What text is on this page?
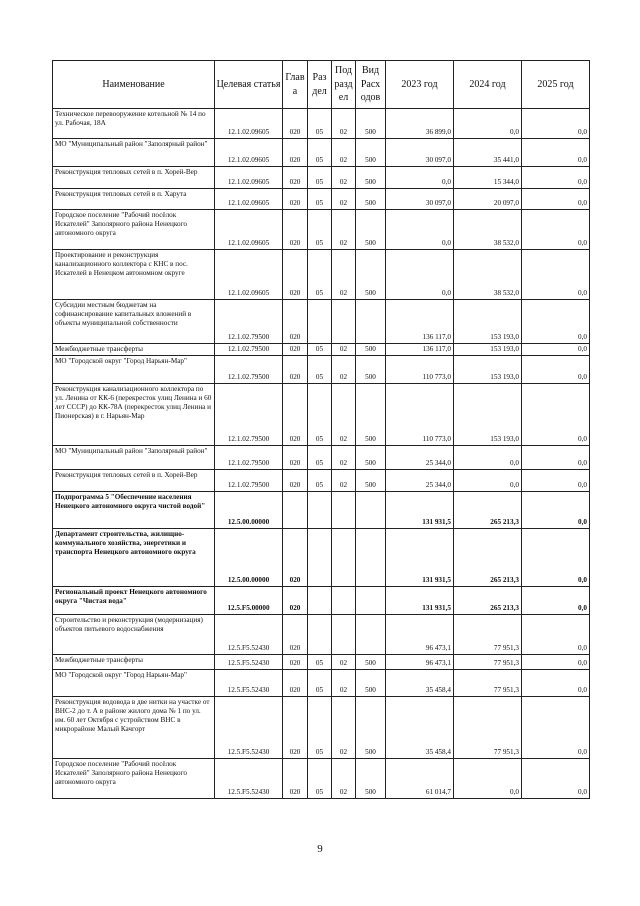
Наименование	Целевая статья	Глав а	Раз дел	Под разд ел	Вид Расх одов	2023 год	2024 год	2025 год
Техническое перевооружение котельной № 14 по ул. Рабочая, 18А	12.1.02.09605	020	05	02	500	36 899,0	0,0	0,0
МО "Муниципальный район "Заполярный район"	12.1.02.09605	020	05	02	500	30 097,0	35 441,0	0,0
Реконструкция тепловых сетей в п. Хорей-Вер	12.1.02.09605	020	05	02	500	0,0	15 344,0	0,0
Реконструкция тепловых сетей в п. Харута	12.1.02.09605	020	05	02	500	30 097,0	20 097,0	0,0
Городское поселение "Рабочий посёлок Искателей" Заполярного района Ненецкого автономного округа	12.1.02.09605	020	05	02	500	0,0	38 532,0	0,0
Проектирование и реконструкция канализационного коллектора с КНС в пос. Искателей в Ненецком автономном округе	12.1.02.09605	020	05	02	500	0,0	38 532,0	0,0
Субсидии местным бюджетам на софинансирование капитальных вложений в объекты муниципальной собственности	12.1.02.79500	020				136 117,0	153 193,0	0,0
Межбюджетные трансферты	12.1.02.79500	020	05	02	500	136 117,0	153 193,0	0,0
МО "Городской округ "Город Нарьян-Мар"	12.1.02.79500	020	05	02	500	110 773,0	153 193,0	0,0
Реконструкция канализационного коллектора по ул. Ленина от КК-6 (перекресток улиц Ленина и 60 лет СССР) до КК-78А (перекресток улиц Ленина и Пионерская) в г. Нарьян-Мар	12.1.02.79500	020	05	02	500	110 773,0	153 193,0	0,0
МО "Муниципальный район "Заполярный район"	12.1.02.79500	020	05	02	500	25 344,0	0,0	0,0
Реконструкция тепловых сетей в п. Хорей-Вер	12.1.02.79500	020	05	02	500	25 344,0	0,0	0,0
Подпрограмма 5 "Обеспечение населения Ненецкого автономного округа чистой водой"	12.5.00.00000					131 931,5	265 213,3	0,0
Департамент строительства, жилищно-коммунального хозяйства, энергетики и транспорта Ненецкого автономного округа	12.5.00.00000	020				131 931,5	265 213,3	0,0
Региональный проект Ненецкого автономного округа "Чистая вода"	12.5.F5.00000	020				131 931,5	265 213,3	0,0
Строительство и реконструкция (модернизация) объектов питьевого водоснабжения	12.5.F5.52430	020				96 473,1	77 951,3	0,0
Межбюджетные трансферты	12.5.F5.52430	020	05	02	500	96 473,1	77 951,3	0,0
МО "Городской округ "Город Нарьян-Мар"	12.5.F5.52430	020	05	02	500	35 458,4	77 951,3	0,0
Реконструкция водовода в две нитки на участке от ВНС-2 до т. А в районе жилого дома № 1 по ул. им. 60 лет Октября с устройством ВНС в микрорайоне Малый Качгорт	12.5.F5.52430	020	05	02	500	35 458,4	77 951,3	0,0
Городское поселение "Рабочий посёлок Искателей" Заполярного района Ненецкого автономного округа	12.5.F5.52430	020	05	02	500	61 014,7	0,0	0,0
9
